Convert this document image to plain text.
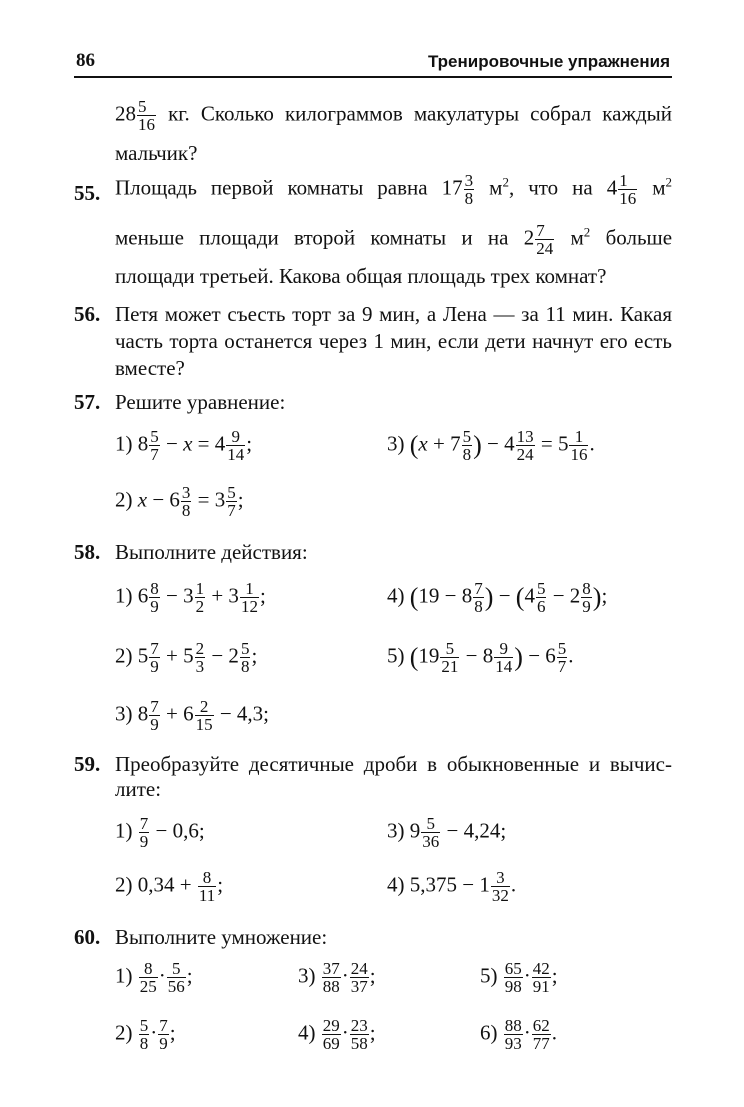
86	Тренировочные упражнения
$28 \frac{5}{16}$ кг. Сколько килограммов макулатуры собрал каждый
мальчик?
55. Площадь первой комнаты равна $17 \frac{3}{8} м^2$, что на $4 \frac{1}{16} м^2$
меньше площади второй комнаты и на $2 \frac{7}{24} м^2$ больше
площади третьей. Какова общая площадь трех комнат?
56. Петя может съесть торт за 9 мин, а Лена — за 11 мин. Какая
часть торта останется через 1 мин, если дети начнут его есть
вместе?
57. Решите уравнение:
1) $8 \frac{5}{7} - x = 4 \frac{9}{14}$ ;	3) ($x + 7 \frac{5}{8}$ ) − $4 \frac{13}{24} = 5 \frac{1}{16}$ .
2) $x - 6 \frac{3}{8} = 3 \frac{5}{7}$ ;
58. Выполните действия:
1) $6 \frac{8}{9} - 3 \frac{1}{2} + 3 \frac{1}{12}$ ;	4) ($19 - 8 \frac{7}{8}$ ) − ($4 \frac{5}{6} - 2 \frac{8}{9}$ );
2) $5 \frac{7}{9} + 5 \frac{2}{3} - 2 \frac{5}{8}$ ;	5) ($19 \frac{5}{21} - 8 \frac{9}{14}$ ) − $6 \frac{5}{7}$ .
3) $8 \frac{7}{9} + 6 \frac{2}{15} - 4,3$;
59. Преобразуйте десятичные дроби в обыкновенные и вычис-
лите:
$1) \frac{7}{9} - 0,6$;	3) $9 \frac{5}{36} - 4,24$;
2) $0,34 + \frac{8}{11}$ ;	4) $5,375 - 1 \frac{3}{32}$ .
60. Выполните умножение:
$1) \frac{8}{25} \cdot \frac{5}{56}$ ;	$3) \frac{37}{88} \cdot \frac{24}{37}$ ;	$5) \frac{65}{98} \cdot \frac{42}{91}$ ;
$2) \frac{5}{8} \cdot \frac{7}{9}$ ;	$4) \frac{29}{69} \cdot \frac{23}{58}$ ;	$6) \frac{88}{93} \cdot \frac{62}{77}$ .
